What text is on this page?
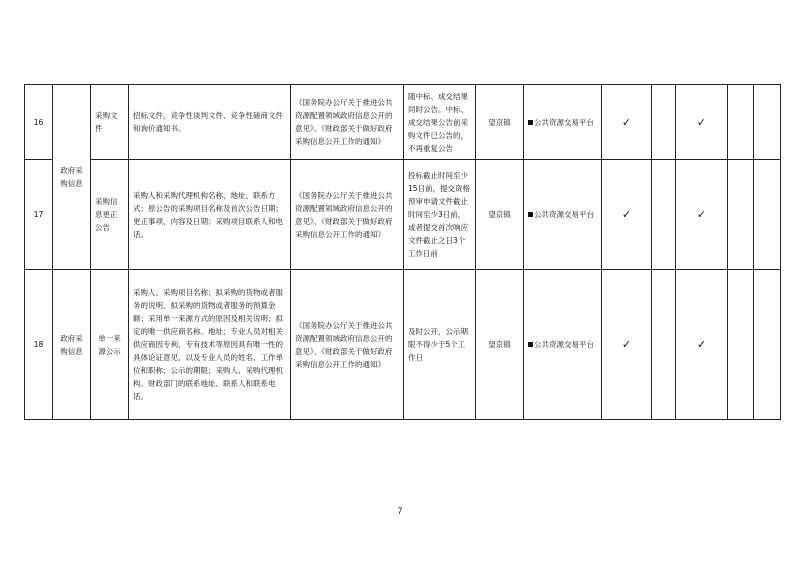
16	政府采购信息	采购文件	招标文件，竞争性谈判文件、竞争性磋商文件和询价通知书。	《国务院办公厅关于推进公共资源配置领域政府信息公开的意见》、《财政部关于做好政府采购信息公开工作的通知》	随中标、成交结果同时公告。中标、成交结果公告前采购文件已公告的，不再重复公告	望京镇	公共资源交易平台	✓		✓		
17		采购信息更正公告	采购人和采购代理机构名称、地址、联系方式；原公告的采购项目名称及首次公告日期；更正事项、内容及日期；采购项目联系人和电话。	《国务院办公厅关于推进公共资源配置领域政府信息公开的意见》、《财政部关于做好政府采购信息公开工作的通知》	投标截止时间至少15日前，提交资格预审申请文件截止时间至少3日前，或者提交首次响应文件截止之日3个工作日前	望京镇	公共资源交易平台	✓		✓		
18	政府采购信息	单一来源公示	采购人、采购项目名称；拟采购的货物或者服务的说明、拟采购的货物或者服务的预算金额；采用单一来源方式的原因及相关说明；拟定的唯一供应商名称、地址；专业人员对相关供应商因专利、专有技术等原因具有唯一性的具体论证意见，以及专业人员的姓名、工作单位和职称；公示的期限；采购人、采购代理机构、财政部门的联系地址、联系人和联系电话。	《国务院办公厅关于推进公共资源配置领域政府信息公开的意见》、《财政部关于做好政府采购信息公开工作的通知》	及时公开，公示期限不得少于5个工作日	望京镇	公共资源交易平台	✓		✓		
7
